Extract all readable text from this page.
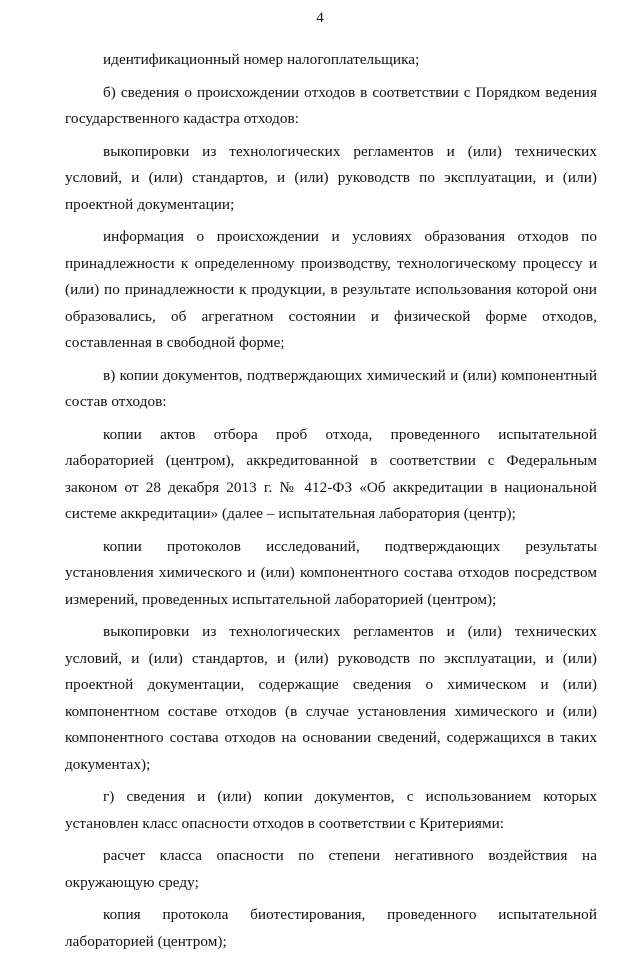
4

идентификационный номер налогоплательщика;

б) сведения о происхождении отходов в соответствии с Порядком ведения государственного кадастра отходов:

выкопировки из технологических регламентов и (или) технических условий, и (или) стандартов, и (или) руководств по эксплуатации, и (или) проектной документации;

информация о происхождении и условиях образования отходов по принадлежности к определенному производству, технологическому процессу и (или) по принадлежности к продукции, в результате использования которой они образовались, об агрегатном состоянии и физической форме отходов, составленная в свободной форме;

в) копии документов, подтверждающих химический и (или) компонентный состав отходов:

копии актов отбора проб отхода, проведенного испытательной лабораторией (центром), аккредитованной в соответствии с Федеральным законом от 28 декабря 2013 г. № 412-ФЗ «Об аккредитации в национальной системе аккредитации» (далее – испытательная лаборатория (центр);

копии протоколов исследований, подтверждающих результаты установления химического и (или) компонентного состава отходов посредством измерений, проведенных испытательной лабораторией (центром);

выкопировки из технологических регламентов и (или) технических условий, и (или) стандартов, и (или) руководств по эксплуатации, и (или) проектной документации, содержащие сведения о химическом и (или) компонентном составе отходов (в случае установления химического и (или) компонентного состава отходов на основании сведений, содержащихся в таких документах);

г) сведения и (или) копии документов, с использованием которых установлен класс опасности отходов в соответствии с Критериями:

расчет класса опасности по степени негативного воздействия на окружающую среду;

копия протокола биотестирования, проведенного испытательной лабораторией (центром);
